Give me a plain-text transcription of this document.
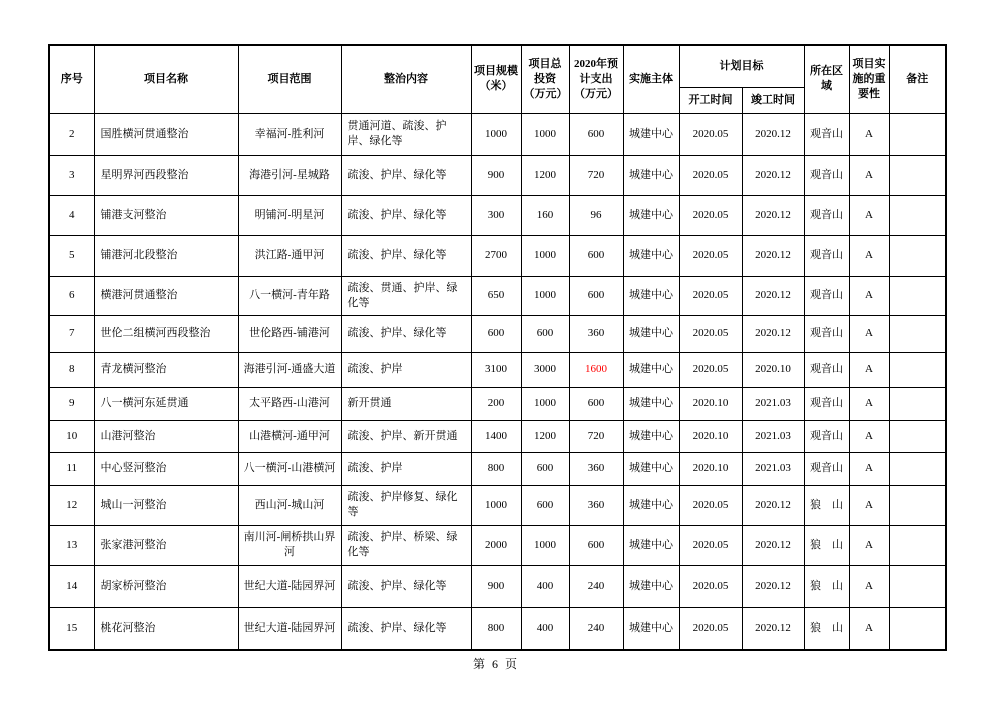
序号	项目名称	项目范围	整治内容	项目规模（米）	项目总投资（万元）	2020年预计支出（万元）	实施主体	计划目标		所在区域	项目实施的重要性	备注
								开工时间	竣工时间			
2	国胜横河贯通整治	幸福河-胜利河	贯通河道、疏浚、护岸、绿化等	1000	1000	600	城建中心	2020.05	2020.12	观音山	A	
3	星明界河西段整治	海港引河-星城路	疏浚、护岸、绿化等	900	1200	720	城建中心	2020.05	2020.12	观音山	A	
4	铺港支河整治	明铺河-明星河	疏浚、护岸、绿化等	300	160	96	城建中心	2020.05	2020.12	观音山	A	
5	铺港河北段整治	洪江路-通甲河	疏浚、护岸、绿化等	2700	1000	600	城建中心	2020.05	2020.12	观音山	A	
6	横港河贯通整治	八一横河-青年路	疏浚、贯通、护岸、绿化等	650	1000	600	城建中心	2020.05	2020.12	观音山	A	
7	世伦二组横河西段整治	世伦路西-铺港河	疏浚、护岸、绿化等	600	600	360	城建中心	2020.05	2020.12	观音山	A	
8	青龙横河整治	海港引河-通盛大道	疏浚、护岸	3100	3000	1600	城建中心	2020.05	2020.10	观音山	A	
9	八一横河东延贯通	太平路西-山港河	新开贯通	200	1000	600	城建中心	2020.10	2021.03	观音山	A	
10	山港河整治	山港横河-通甲河	疏浚、护岸、新开贯通	1400	1200	720	城建中心	2020.10	2021.03	观音山	A	
11	中心竖河整治	八一横河-山港横河	疏浚、护岸	800	600	360	城建中心	2020.10	2021.03	观音山	A	
12	城山一河整治	西山河-城山河	疏浚、护岸修复、绿化等	1000	600	360	城建中心	2020.05	2020.12	狼　山	A	
13	张家港河整治	南川河-闸桥拱山界河	疏浚、护岸、桥梁、绿化等	2000	1000	600	城建中心	2020.05	2020.12	狼　山	A	
14	胡家桥河整治	世纪大道-陆园界河	疏浚、护岸、绿化等	900	400	240	城建中心	2020.05	2020.12	狼　山	A	
15	桃花河整治	世纪大道-陆园界河	疏浚、护岸、绿化等	800	400	240	城建中心	2020.05	2020.12	狼　山	A	
第 6 页
